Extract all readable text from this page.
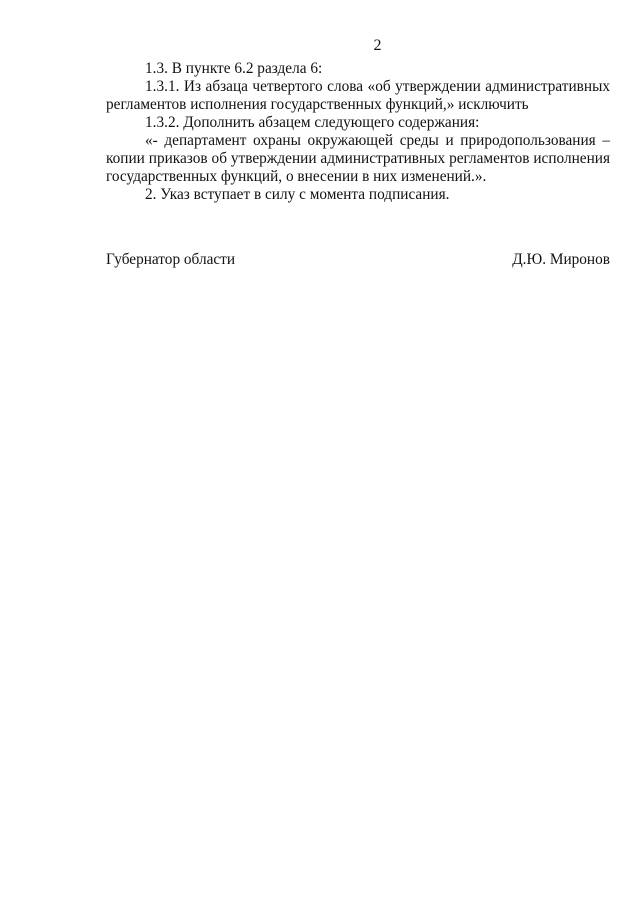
2
1.3. В пункте 6.2 раздела 6:
1.3.1. Из абзаца четвертого слова «об утверждении административных
регламентов исполнения государственных функций,» исключить
1.3.2. Дополнить абзацем следующего содержания:
«- департамент охраны окружающей среды и природопользования –
копии приказов об утверждении административных регламентов исполнения
государственных функций, о внесении в них изменений.».
2. Указ вступает в силу с момента подписания.
Губернатор области	Д.Ю. Миронов
